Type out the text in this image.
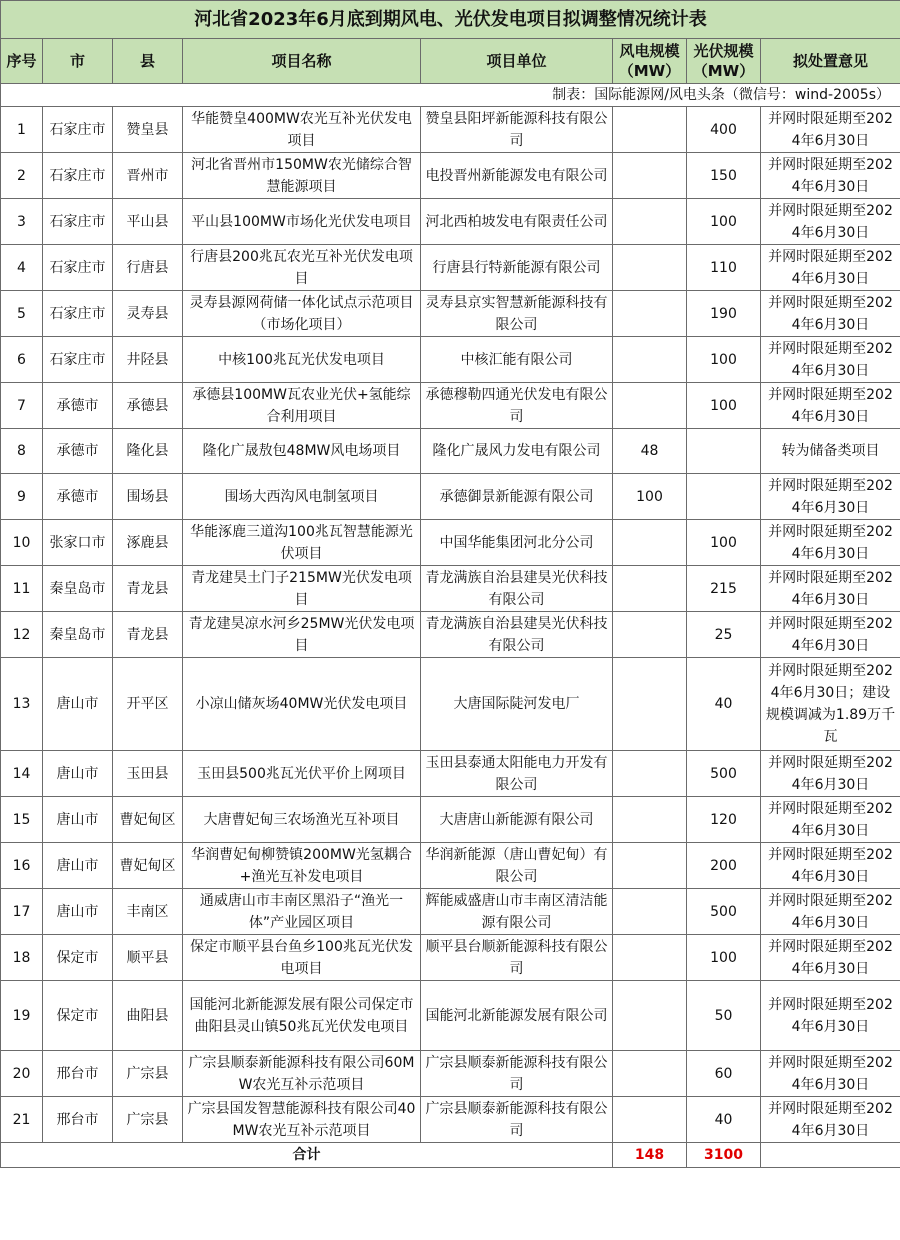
河北省2023年6月底到期风电、光伏发电项目拟调整情况统计表							
序号	市	县	项目名称	项目单位	风电规模（MW）	光伏规模（MW）	拟处置意见
制表：国际能源网/风电头条（微信号：wind-2005s）							
1	石家庄市	赞皇县	华能赞皇400MW农光互补光伏发电项目	赞皇县阳坪新能源科技有限公司		400	并网时限延期至2024年6月30日
2	石家庄市	晋州市	河北省晋州市150MW农光储综合智慧能源项目	电投晋州新能源发电有限公司		150	并网时限延期至2024年6月30日
3	石家庄市	平山县	平山县100MW市场化光伏发电项目	河北西柏坡发电有限责任公司		100	并网时限延期至2024年6月30日
4	石家庄市	行唐县	行唐县200兆瓦农光互补光伏发电项目	行唐县行特新能源有限公司		110	并网时限延期至2024年6月30日
5	石家庄市	灵寿县	灵寿县源网荷储一体化试点示范项目（市场化项目）	灵寿县京实智慧新能源科技有限公司		190	并网时限延期至2024年6月30日
6	石家庄市	井陉县	中核100兆瓦光伏发电项目	中核汇能有限公司		100	并网时限延期至2024年6月30日
7	承德市	承德县	承德县100MW瓦农业光伏+氢能综合利用项目	承德穆勒四通光伏发电有限公司		100	并网时限延期至2024年6月30日
8	承德市	隆化县	隆化广晟敖包48MW风电场项目	隆化广晟风力发电有限公司	48		转为储备类项目
9	承德市	围场县	围场大西沟风电制氢项目	承德御景新能源有限公司	100		并网时限延期至2024年6月30日
10	张家口市	涿鹿县	华能涿鹿三道沟100兆瓦智慧能源光伏项目	中国华能集团河北分公司		100	并网时限延期至2024年6月30日
11	秦皇岛市	青龙县	青龙建昊土门子215MW光伏发电项目	青龙满族自治县建昊光伏科技有限公司		215	并网时限延期至2024年6月30日
12	秦皇岛市	青龙县	青龙建昊凉水河乡25MW光伏发电项目	青龙满族自治县建昊光伏科技有限公司		25	并网时限延期至2024年6月30日
13	唐山市	开平区	小凉山储灰场40MW光伏发电项目	大唐国际陡河发电厂		40	并网时限延期至2024年6月30日；建设规模调减为1.89万千瓦
14	唐山市	玉田县	玉田县500兆瓦光伏平价上网项目	玉田县泰通太阳能电力开发有限公司		500	并网时限延期至2024年6月30日
15	唐山市	曹妃甸区	大唐曹妃甸三农场渔光互补项目	大唐唐山新能源有限公司		120	并网时限延期至2024年6月30日
16	唐山市	曹妃甸区	华润曹妃甸柳赞镇200MW光氢耦合+渔光互补发电项目	华润新能源（唐山曹妃甸）有限公司		200	并网时限延期至2024年6月30日
17	唐山市	丰南区	通威唐山市丰南区黑沿子“渔光一体”产业园区项目	辉能威盛唐山市丰南区清洁能源有限公司		500	并网时限延期至2024年6月30日
18	保定市	顺平县	保定市顺平县台鱼乡100兆瓦光伏发电项目	顺平县台顺新能源科技有限公司		100	并网时限延期至2024年6月30日
19	保定市	曲阳县	国能河北新能源发展有限公司保定市曲阳县灵山镇50兆瓦光伏发电项目	国能河北新能源发展有限公司		50	并网时限延期至2024年6月30日
20	邢台市	广宗县	广宗县顺泰新能源科技有限公司60MW农光互补示范项目	广宗县顺泰新能源科技有限公司		60	并网时限延期至2024年6月30日
21	邢台市	广宗县	广宗县国发智慧能源科技有限公司40MW农光互补示范项目	广宗县顺泰新能源科技有限公司		40	并网时限延期至2024年6月30日
合计					148	3100	
